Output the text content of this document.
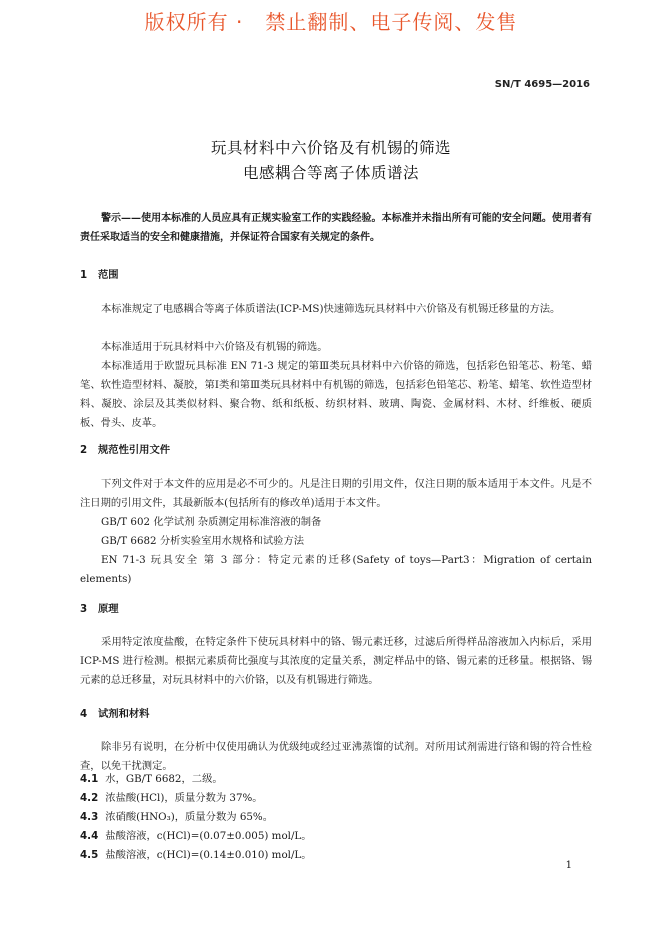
版权所有 ·   禁止翻制、电子传阅、发售
SN/T 4695—2016
玩具材料中六价铬及有机锡的筛选
电感耦合等离子体质谱法

警示——使用本标准的人员应具有正规实验室工作的实践经验。本标准并未指出所有可能的安全问题。使用者有责任采取适当的安全和健康措施，并保证符合国家有关规定的条件。

1 范围

本标准规定了电感耦合等离子体质谱法(ICP-MS)快速筛选玩具材料中六价铬及有机锡迁移量的方法。

本标准适用于玩具材料中六价铬及有机锡的筛选。

本标准适用于欧盟玩具标准 EN 71-3 规定的第Ⅲ类玩具材料中六价铬的筛选，包括彩色铅笔芯、粉笔、蜡笔、软性造型材料、凝胶，第Ⅰ类和第Ⅲ类玩具材料中有机锡的筛选，包括彩色铅笔芯、粉笔、蜡笔、软性造型材料、凝胶、涂层及其类似材料、聚合物、纸和纸板、纺织材料、玻璃、陶瓷、金属材料、木材、纤维板、硬质板、骨头、皮革。

2 规范性引用文件

下列文件对于本文件的应用是必不可少的。凡是注日期的引用文件，仅注日期的版本适用于本文件。凡是不注日期的引用文件，其最新版本(包括所有的修改单)适用于本文件。

GB/T 602 化学试剂 杂质测定用标准溶液的制备
GB/T 6682 分析实验室用水规格和试验方法

EN 71-3 玩具安全 第 3 部分：特定元素的迁移(Safety of toys—Part3：Migration of certain elements)

3 原理

采用特定浓度盐酸，在特定条件下使玩具材料中的铬、锡元素迁移，过滤后所得样品溶液加入内标后，采用 ICP-MS 进行检测。根据元素质荷比强度与其浓度的定量关系，测定样品中的铬、锡元素的迁移量。根据铬、锡元素的总迁移量，对玩具材料中的六价铬，以及有机锡进行筛选。

4 试剂和材料

除非另有说明，在分析中仅使用确认为优级纯或经过亚沸蒸馏的试剂。对所用试剂需进行铬和锡的符合性检查，以免干扰测定。

4.1 水，GB/T 6682，二级。
4.2 浓盐酸(HCl)，质量分数为 37%。
4.3 浓硝酸(HNO₃)，质量分数为 65%。
4.4 盐酸溶液，c(HCl)=(0.07±0.005) mol/L。
4.5 盐酸溶液，c(HCl)=(0.14±0.010) mol/L。
1
